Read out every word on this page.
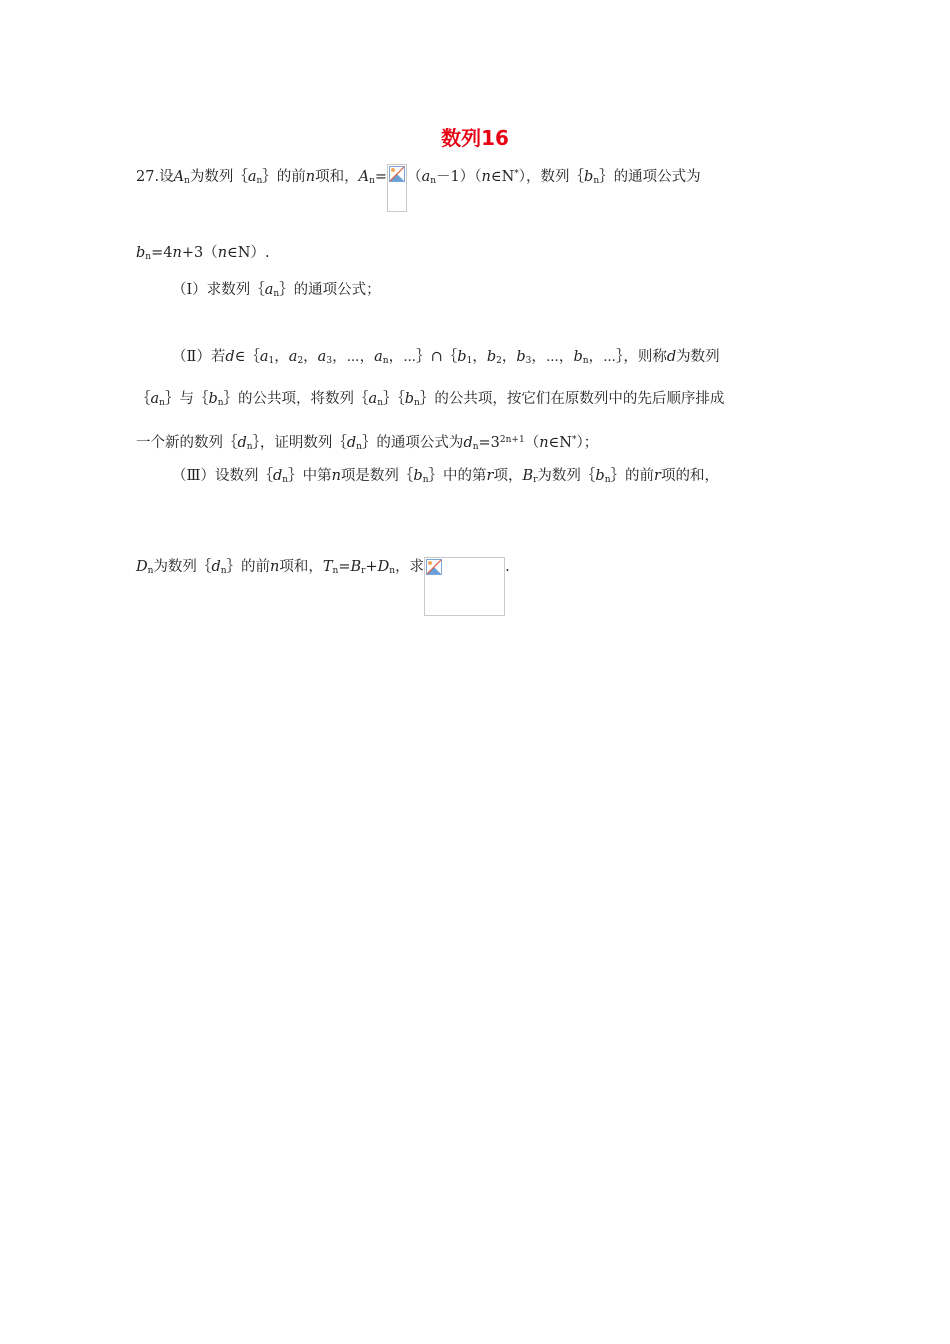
数列16
27.设$A_n$为数列$\{a_n\}$的前n项和，$A_n=$ $(a_n-1)(n\in N^*)$，数列$\{b_n\}$的通项公式为
$b_n=4n+3(n\in N)$.
（Ⅰ）求数列$\{a_n\}$的通项公式；
（Ⅱ）若$d\in\{a_1$，$a_2$，$a_3$，⋯，$a_n$，$\cdots\}\cap\{b_1$，$b_2$，$b_3$，⋯，$b_n$，⋯｝，则称d为数列
$\{a_n\}$与$\{b_n\}$的公共项，将数列$\{a_n\}\{b_n\}$的公共项，按它们在原数列中的先后顺序排成
一个新的数列$\{d_n\}$，证明数列$\{d_n\}$的通项公式为$d_n=3^{2n+1}(n\in N^*)$；
（Ⅲ）设数列$\{d_n\}$中第n项是数列$\{b_n\}$中的第r项，$B_r$为数列$\{b_n\}$的前r项的和，
$D_n$为数列$\{d_n\}$的前n项和，$T_n=B_r+D_n$，求	.
